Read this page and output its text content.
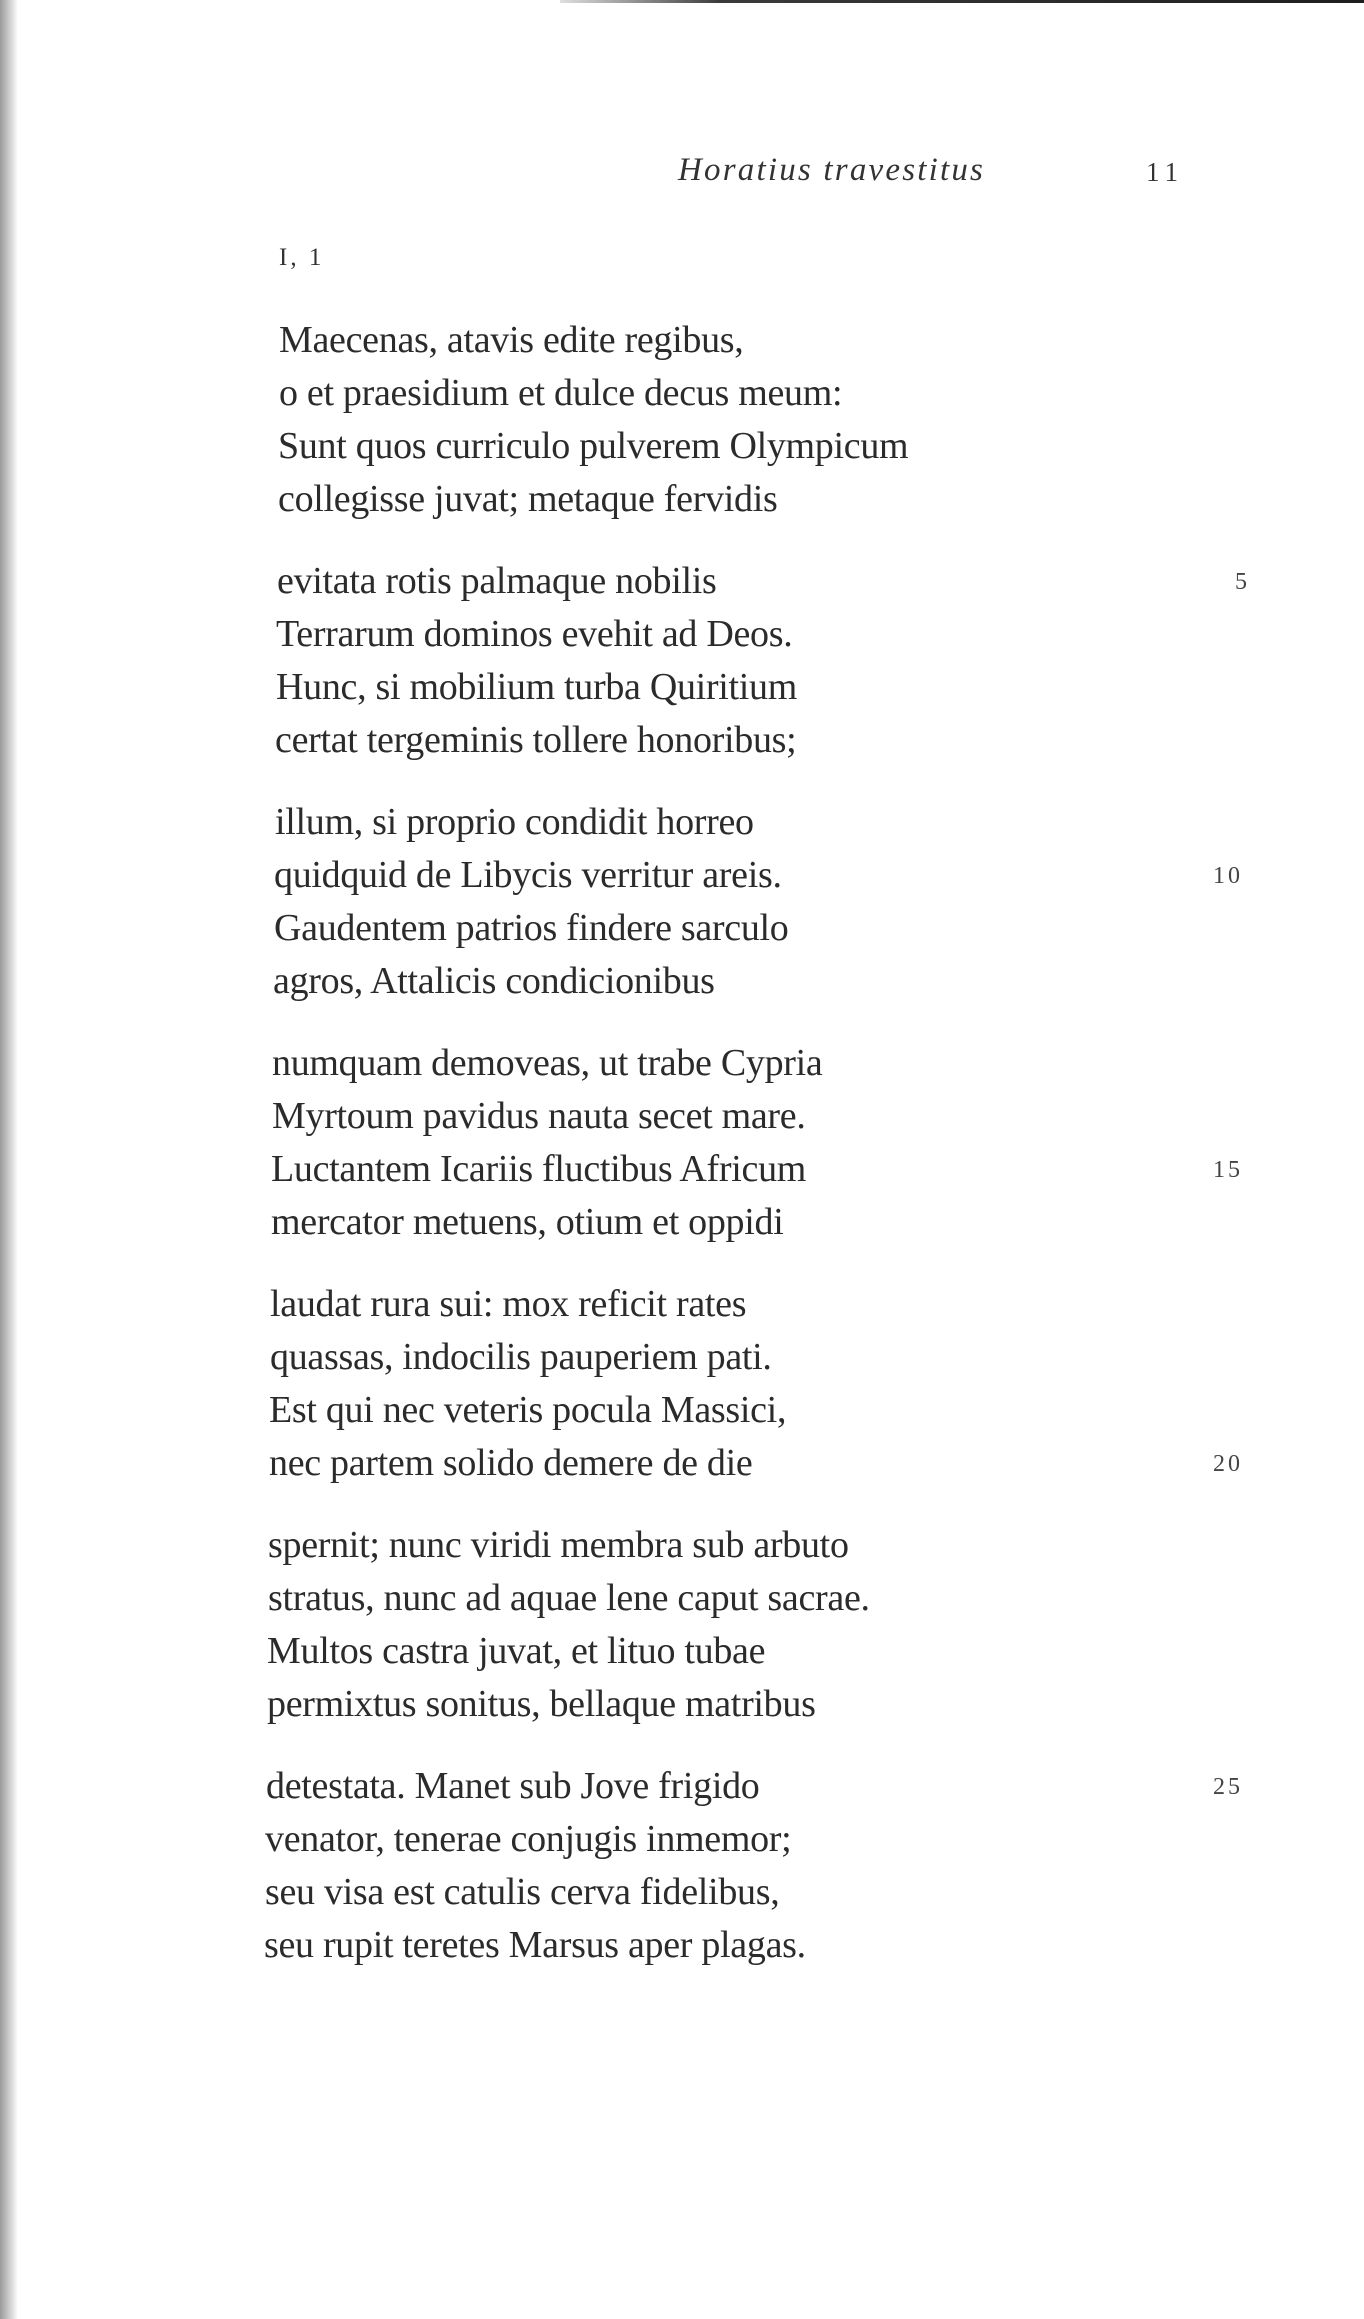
Horatius travestitus	11
I, 1
Maecenas, atavis edite regibus,
o et praesidium et dulce decus meum:
Sunt quos curriculo pulverem Olympicum
collegisse juvat; metaque fervidis
evitata rotis palmaque nobilis
Terrarum dominos evehit ad Deos.
Hunc, si mobilium turba Quiritium
certat tergeminis tollere honoribus;
illum, si proprio condidit horreo
quidquid de Libycis verritur areis.
Gaudentem patrios findere sarculo
agros, Attalicis condicionibus
numquam demoveas, ut trabe Cypria
Myrtoum pavidus nauta secet mare.
Luctantem Icariis fluctibus Africum
mercator metuens, otium et oppidi
laudat rura sui: mox reficit rates
quassas, indocilis pauperiem pati.
Est qui nec veteris pocula Massici,
nec partem solido demere de die
spernit; nunc viridi membra sub arbuto
stratus, nunc ad aquae lene caput sacrae.
Multos castra juvat, et lituo tubae
permixtus sonitus, bellaque matribus
detestata. Manet sub Jove frigido
venator, tenerae conjugis inmemor;
seu visa est catulis cerva fidelibus,
seu rupit teretes Marsus aper plagas.
5
10
15
20
25
